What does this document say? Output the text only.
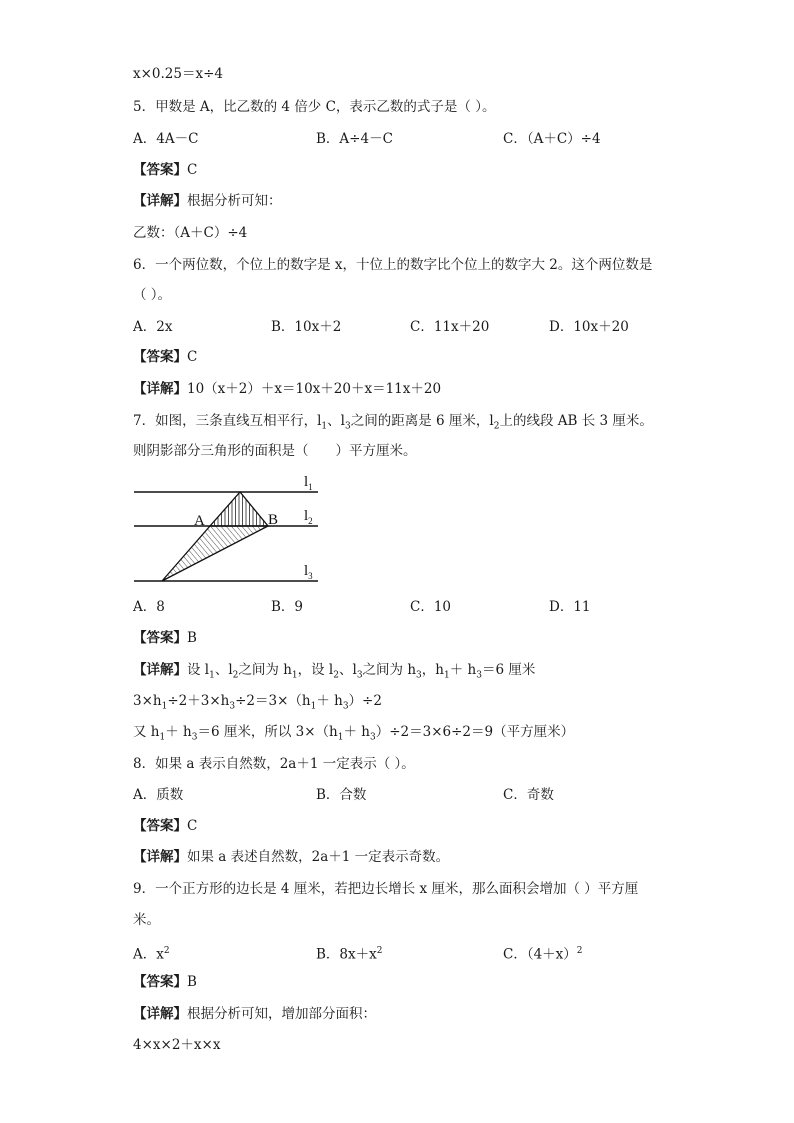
x×0.25＝x÷4
5．甲数是 A，比乙数的 4 倍少 C，表示乙数的式子是（ ）。
A．4A－C	B．A÷4－C	C．（A＋C）÷4
【答案】C
【详解】根据分析可知：
乙数：（A＋C）÷4
6．一个两位数，个位上的数字是 x，十位上的数字比个位上的数字大 2。这个两位数是
（ ）。
A．2x	B．10x＋2	C．11x＋20	D．10x＋20
【答案】C
【详解】10（x＋2）＋x＝10x＋20＋x＝11x＋20
7．如图，三条直线互相平行，$l_1$、$l_3$之间的距离是 6 厘米，$l_2$上的线段 AB 长 3 厘米。
则阴影部分三角形的面积是（　　）平方厘米。
A	B
$l_1$
$l_2$
$l_3$
A．8	B．9	C．10	D．11
【答案】B
【详解】设 $l_1$、$l_2$之间为 $h_1$，设 $l_2$、$l_3$之间为 $h_3$，$h_1+ h_3=6$ 厘米
$3\times h_1\div 2+3\times h_3\div 2=3\times(h_1+ h_3)\div 2$
又 $h_1+ h_3=6$ 厘米，所以 $3\times(h_1+ h_3)\div 2=3\times 6\div 2=9$（平方厘米）
8．如果 a 表示自然数，2a＋1 一定表示（ ）。
A．质数	B．合数	C．奇数
【答案】C
【详解】如果 a 表述自然数，2a＋1 一定表示奇数。
9．一个正方形的边长是 4 厘米，若把边长增长 x 厘米，那么面积会增加（ ）平方厘
米。
A．$x^2$	B．$8x+x^2$	C．$(4+x)^2$
【答案】B
【详解】根据分析可知，增加部分面积：
4×x×2＋x×x
